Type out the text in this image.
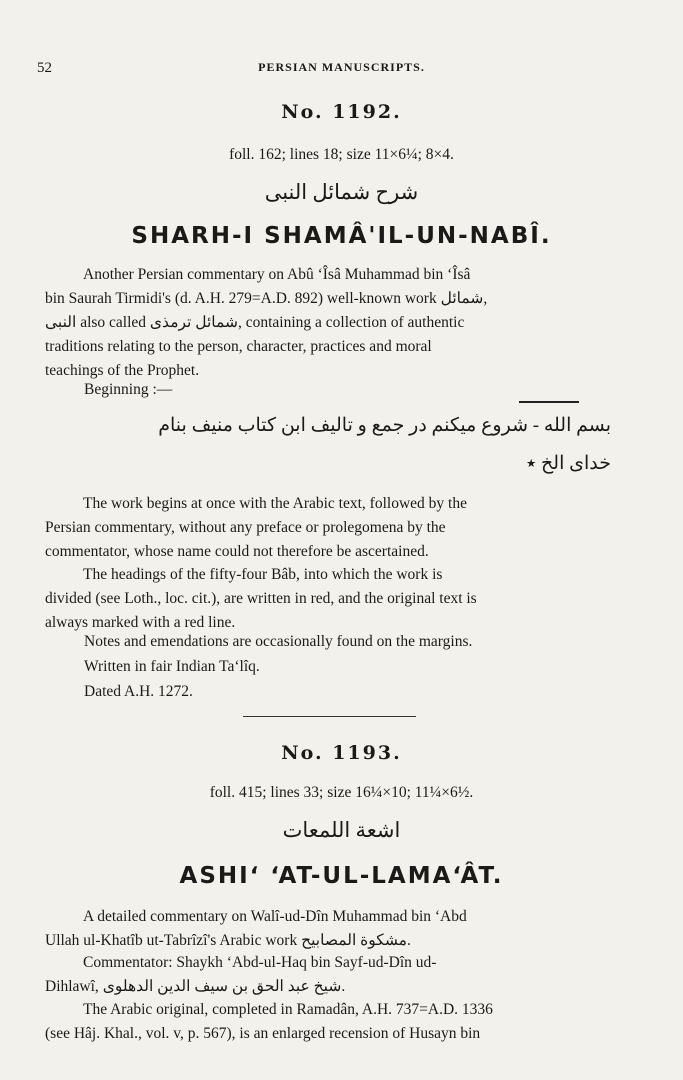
52	PERSIAN MANUSCRIPTS.
No. 1192.
foll. 162; lines 18; size 11×6¼; 8×4.
شرح شمائل النبی
SHARH-I SHAMÂ'IL-UN-NABÎ.
Another Persian commentary on Abû ʻÎsâ Muhammad bin ʻÎsâ
bin Saurah Tirmidi's (d. A.H. 279=A.D. 892) well-known work شمائل,
النبی also called شمائل ترمذی, containing a collection of authentic
traditions relating to the person, character, practices and moral
teachings of the Prophet.
Beginning :—
بسم الله - شروع میکنم در جمع و تالیف ابن کتاب منیف بنام
خدای الخ ٭
The work begins at once with the Arabic text, followed by the
Persian commentary, without any preface or prolegomena by the
commentator, whose name could not therefore be ascertained.
The headings of the fifty-four Bâb, into which the work is
divided (see Loth., loc. cit.), are written in red, and the original text is
always marked with a red line.
Notes and emendations are occasionally found on the margins.
Written in fair Indian Taʻlîq.
Dated A.H. 1272.
No. 1193.
foll. 415; lines 33; size 16¼×10; 11¼×6½.
اشعة اللمعات
ASHIʻ ʻAT-UL-LAMAʻÂT.
A detailed commentary on Walî-ud-Dîn Muhammad bin ʻAbd
Ullah ul-Khatîb ut-Tabrîzî's Arabic work مشکوة المصابیح.
Commentator: Shaykh ʻAbd-ul-Haq bin Sayf-ud-Dîn ud-
Dihlawî, شیخ عبد الحق بن سیف الدین الدهلوی.
The Arabic original, completed in Ramadân, A.H. 737=A.D. 1336
(see Hâj. Khal., vol. v, p. 567), is an enlarged recension of Husayn bin
